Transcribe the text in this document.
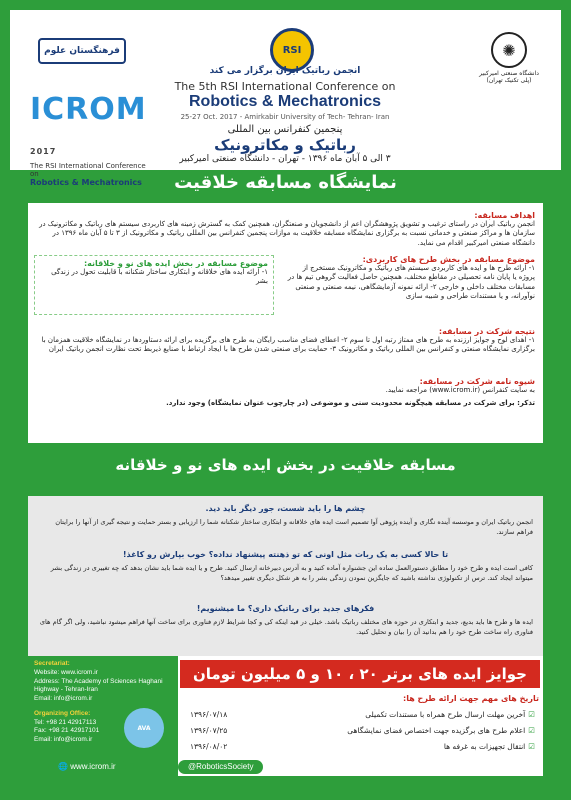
فرهنگستان علوم
ICROM 2017
The RSI International Conference on
Robotics & Mechatronics
RSI	✺
دانشگاه صنعتی امیرکبیر (پلی تکنیک تهران)
انجمن رباتیک ایران برگزار می کند
The 5th RSI International Conference on
Robotics & Mechatronics
25-27 Oct. 2017 - Amirkabir University of Tech- Tehran- Iran
پنجمین کنفرانس بین المللی
رباتیک و مکاترونیک
۳ الی ۵ آبان ماه ۱۳۹۶ - تهران - دانشگاه صنعتی امیرکبیر
نمایشگاه مسابقه خلاقیت
اهداف مسابقه:
انجمن رباتیک ایران در راستای ترغیب و تشویق پژوهشگران اعم از دانشجویان و صنعتگران، همچنین کمک به گسترش زمینه های کاربردی سیستم های رباتیک و مکاترونیک در سازمان ها و مراکز صنعتی و خدماتی نسبت به برگزاری نمایشگاه مسابقه خلاقیت به موازات پنجمین کنفرانس بین المللی رباتیک و مکاترونیک از ۳ تا ۵ آبان ماه ۱۳۹۶ در دانشگاه صنعتی امیرکبیر اقدام می نماید.
موضوع مسابقه در بخش طرح های کاربردی:
۱- ارائه طرح ها و ایده های کاربردی سیستم های رباتیک و مکاترونیک مستخرج از پروژه یا پایان نامه تحصیلی در مقاطع مختلف، همچنین حاصل فعالیت گروهی تیم ها در مسابقات مختلف داخلی و خارجی ۲- ارائه نمونه آزمایشگاهی، نیمه صنعتی و صنعتی نوآورانه، و یا مستندات طراحی و شبیه سازی
موضوع مسابقه در بخش ایده های نو و خلاقانه:
۱- ارائه ایده های خلاقانه و ابتکاری ساختار شکنانه با قابلیت تحول در زندگی بشر
نتیجه شرکت در مسابقه:
۱- اهدای لوح و جوایز ارزنده به طرح های ممتاز رتبه اول تا سوم ۲- اعطای فضای مناسب رایگان به طرح های برگزیده برای ارائه دستاوردها در نمایشگاه خلاقیت همزمان با برگزاری نمایشگاه صنعتی و کنفرانس بین المللی رباتیک و مکاترونیک ۳- حمایت برای صنعتی شدن طرح ها با ایجاد ارتباط با صنایع ذیربط تحت نظارت انجمن رباتیک ایران
شیوه نامه شرکت در مسابقه:
به سایت کنفرانس (www.icrom.ir) مراجعه نمایید.
تذکر: برای شرکت در مسابقه هیچگونه محدودیت سنی و موضوعی (در چارچوب عنوان نمایشگاه) وجود ندارد.
مسابقه خلاقیت در بخش ایده های نو و خلاقانه
چشم ها را باید شست، جور دیگر باید دید.
انجمن رباتیک ایران و موسسه آینده نگاری و آینده پژوهی آوا تصمیم است ایده های خلاقانه و ابتکاری ساختار شکنانه شما را ارزیابی و بستر حمایت و نتیجه گیری از آنها را برایتان فراهم سازند.
تا حالا کسی به یک ربات مثل اونی که تو ذهنته پیشنهاد نداده؟ خوب بپارش رو کاغذ!
کافی است ایده و طرح خود را مطابق دستورالعمل ساده این جشنواره آماده کنید و به آدرس دبیرخانه ارسال کنید. طرح و یا ایده شما باید نشان بدهد که چه تغییری در زندگی بشر میتواند ایجاد کند. ترس از تکنولوژی نداشته باشید که جایگزین نمودن زندگی بشر را به هر شکل دیگری تغییر میدهد؟
فکرهای جدید برای رباتیک داری؟ ما میشنویم!
ایده ها و طرح ها باید بدیع، جدید و ابتکاری در حوزه های مختلف رباتیک باشد. خیلی در قید اینکه کی و کجا شرایط لازم فناوری برای ساخت آنها فراهم میشود نباشید، ولی اگر گام های فناوری راه ساخت طرح خود را هم بدانید آن را بیان و تحلیل کنید.
Secretariat:
Website: www.icrom.ir
Address: The Academy of Sciences Haghani Highway - Tehran-Iran
Email: info@icrom.ir
Organizing Office:
Tel: +98 21 42917113
Fax: +98 21 42917101
Email: info@icrom.ir
AVA
جوایز ایده های برتر ۲۰ ، ۱۰ و ۵ میلیون تومان
تاریخ های مهم جهت ارائه طرح ها:
☑آخرین مهلت ارسال طرح همراه با مستندات تکمیلی
۱۳۹۶/۰۷/۱۸
☑اعلام طرح های برگزیده جهت اختصاص فضای نمایشگاهی
۱۳۹۶/۰۷/۲۵
☑انتقال تجهیزات به غرفه ها
۱۳۹۶/۰۸/۰۲
🌐 www.icrom.ir	@RoboticsSociety
